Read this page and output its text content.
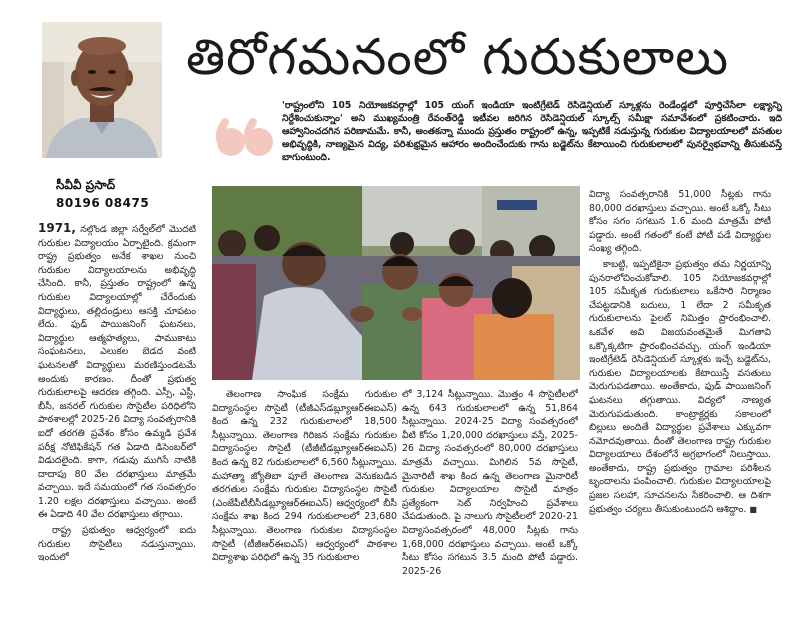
తిరోగమనంలో గురుకులాలు
'రాష్ట్రంలోని 105 నియోజకవర్గాల్లో 105 యంగ్ ఇండియా ఇంటిగ్రేటెడ్ రెసిడెన్షియల్ స్కూళ్లను రెండేండ్లలో పూర్తిచేసేలా లక్ష్యాన్ని నిర్దేశించుకున్నాం' అని ముఖ్యమంత్రి రేవంత్‌రెడ్డి ఇటీవల జరిగిన రెసిడెన్షియల్ స్కూల్స్ సమీక్షా సమావేశంలో ప్రకటించారు. ఇది ఆహ్వానించదగిన పరిణామమే. కానీ, అంతకన్నా ముందు ప్రస్తుతం రాష్ట్రంలో ఉన్న, ఇప్పటికే నడుస్తున్న గురుకుల విద్యాలయాలలో వసతుల అభివృద్ధికి, నాణ్యమైన విద్య, పరిశుభ్రమైన ఆహారం అందించేందుకు గాను బడ్జెట్‌ను కేటాయించి గురుకులాలలో పునర్వైభవాన్ని తీసుకువస్తే బాగుంటుంది.
సీవీవీ ప్రసాద్
80196 08475

1971, నల్గొండ జిల్లా సర్వేల్‌లో మొదటి గురుకుల విద్యాలయం ఏర్పాటైంది. క్రమంగా రాష్ట్ర ప్రభుత్వం అనేక శాఖల నుంచి గురుకుల విద్యాలయాలను అభివృద్ధి చేసింది. కానీ, ప్రస్తుతం రాష్ట్రంలో ఉన్న గురుకుల విద్యాలయాల్లో చేరేందుకు విద్యార్థులు, తల్లిదండ్రులు ఆసక్తి చూపటం లేదు. ఫుడ్ పాయిజనింగ్ ఘటనలు, విద్యార్థుల ఆత్మహత్యలు, పాముకాటు సంఘటనలు, ఎలుకల బెడద వంటి ఘటనలతో విద్యార్థులు మరణిస్తుండటమే అందుకు కారణం. దీంతో ప్రభుత్వ గురుకులాలపై ఆదరణ తగ్గింది. ఎస్సీ, ఎస్టీ, బీసీ, జనరల్ గురుకుల సొసైటీల పరిధిలోని పాఠశాలల్లో 2025-26 విద్యా సంవత్సరానికి ఐదో తరగతి ప్రవేశం కోసం ఉమ్మడి ప్రవేశ పరీక్ష నోటిఫికేషన్ గత ఏడాది డిసెంబర్‌లో విడుదలైంది. కాగా, గడువు ముగిసే నాటికి దాదాపు 80 వేల దరఖాస్తులు మాత్రమే వచ్చాయి. ఇదే సమయంలో గత సంవత్సరం 1.20 లక్షల దరఖాస్తులు వచ్చాయి. అంటే ఈ ఏడాది 40 వేల దరఖాస్తులు తగ్గాయి.

రాష్ట్ర ప్రభుత్వం ఆధ్వర్యంలో ఐదు గురుకుల సొసైటీలు నడుస్తున్నాయి. ఇందులో

తెలంగాణ సాంఘిక సంక్షేమ గురుకుల విద్యాసంస్థల సొసైటీ (టీజీఎస్‌డబ్ల్యూఆర్‌ఈఐఎస్) కింద ఉన్న 232 గురుకులాలలో 18,500 సీట్లున్నాయి. తెలంగాణ గిరిజన సంక్షేమ గురుకుల విద్యాసంస్థల సొసైటీ (టీజీటీడబ్ల్యూఆర్‌ఈఐఎస్) కింద ఉన్న 82 గురుకులాలలో 6,560 సీట్లున్నాయి. మహాత్మా జ్యోతిబా పూలే తెలంగాణ వెనుకబడిన తరగతుల సంక్షేమ గురుకుల విద్యాసంస్థల సొసైటీ (ఎంజేపీటీబీసీడబ్ల్యూఆర్‌ఈఐఎస్) ఆధ్వర్యంలో బీసీ సంక్షేమ శాఖ కింద 294 గురుకులాలలో 23,680 సీట్లున్నాయి. తెలంగాణ గురుకుల విద్యాసంస్థల సొసైటీ (టీజీఆర్‌ఈఐఎస్) ఆధ్వర్యంలో పాఠశాల విద్యాశాఖ పరిధిలో ఉన్న 35 గురుకులాల

లో 3,124 సీట్లున్నాయి. మొత్తం 4 సొసైటీలలో ఉన్న 643 గురుకులాలలో ఉన్న 51,864 సీట్లున్నాయి. 2024-25 విద్యా సంవత్సరంలో వీటి కోసం 1,20,000 దరఖాస్తులు వస్తే, 2025-26 విద్యా సంవత్సరంలో 80,000 దరఖాస్తులు మాత్రమే వచ్చాయి. మిగిలిన 5వ సొసైటీ, మైనారిటీ శాఖ కింద ఉన్న తెలంగాణ మైనారిటీ గురుకుల విద్యాలయాల సొసైటీ మాత్రం ప్రత్యేకంగా సెట్ నిర్వహించి ప్రవేశాలు చేపడుతుంది. పై నాలుగు సొసైటీలలో 2020-21 విద్యాసంవత్సరంలో 48,000 సీట్లకు గాను 1,68,000 దరఖాస్తులు వచ్చాయి. అంటే ఒక్కో సీటు కోసం సగటున 3.5 మంది పోటీ పడ్డారు. 2025-26

విద్యా సంవత్సరానికి 51,000 సీట్లకు గాను 80,000 దరఖాస్తులు వచ్చాయి. అంటే ఒక్కో సీటు కోసం సగం సగటున 1.6 మంది మాత్రమే పోటీ పడ్డారు. అంటే గతంలో కంటే పోటీ పడే విద్యార్థుల సంఖ్య తగ్గింది.

కాబట్టి, ఇప్పటికైనా ప్రభుత్వం తమ నిర్ణయాన్ని పునరాలోచించుకోవాలి. 105 నియోజకవర్గాల్లో 105 సమీకృత గురుకులాలు ఒకేసారి నిర్మాణం చేపట్టడానికి బదులు, 1 లేదా 2 సమీకృత గురుకులాలను పైలట్ నిమిత్తం ప్రారంభించాలి. ఒకవేళ అవి విజయవంతమైతే మిగతావి ఒక్కొక్కటిగా ప్రారంభించవచ్చు. యంగ్ ఇండియా ఇంటిగ్రేటెడ్ రెసిడెన్షియల్ స్కూళ్లకు ఇచ్చే బడ్జెట్‌ను, గురుకుల విద్యాలయాలకు కేటాయిస్తే వసతులు మెరుగుపడతాయి. అంతేకాదు, ఫుడ్ పాయిజనింగ్ ఘటనలు తగ్గుతాయి. విద్యలో నాణ్యత మెరుగుపడుతుంది. కాంట్రాక్టర్లకు సకాలంలో బిల్లులు అందితే విద్యార్థుల ప్రవేశాలు ఎక్కువగా నమోదవుతాయి. దీంతో తెలంగాణ రాష్ట్ర గురుకుల విద్యాలయాలు దేశంలోనే అగ్రభాగంలో నిలుస్తాయి. అంతేకాదు, రాష్ట్ర ప్రభుత్వం గ్రామాల పరిశీలన బృందాలను పంపించాలి. గురుకుల విద్యాలయాలపై ప్రజల సలహా, సూచనలను సేకరించాలి. ఆ దిశగా ప్రభుత్వం చర్యలు తీసుకుంటుందని ఆశిద్దాం. ■
